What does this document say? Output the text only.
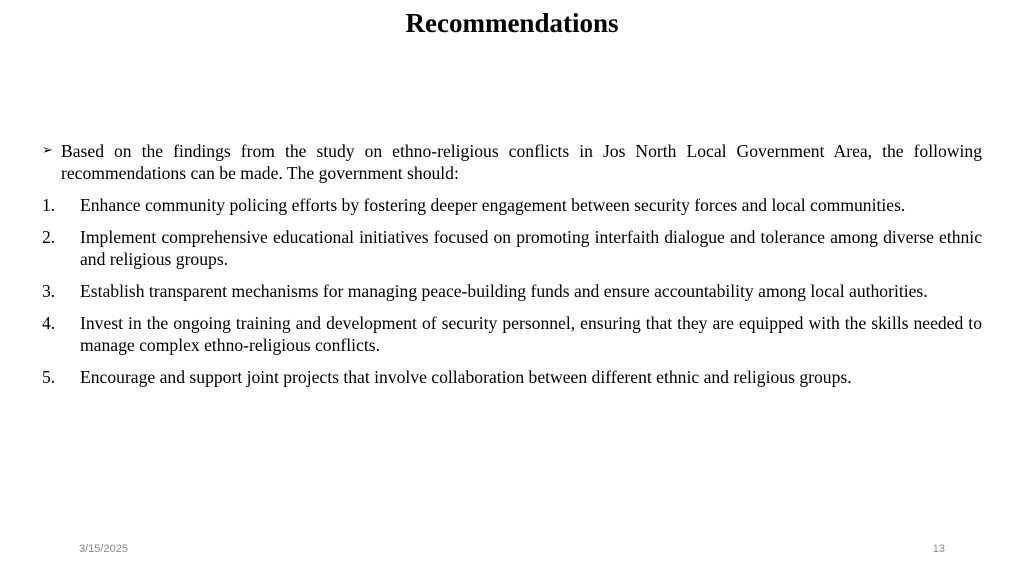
Recommendations
➢ Based on the findings from the study on ethno-religious conflicts in Jos North Local Government Area, the following recommendations can be made. The government should:
1.	Enhance community policing efforts by fostering deeper engagement between security forces and local communities.
2.	Implement comprehensive educational initiatives focused on promoting interfaith dialogue and tolerance among diverse ethnic and religious groups.
3.	Establish transparent mechanisms for managing peace-building funds and ensure accountability among local authorities.
4.	Invest in the ongoing training and development of security personnel, ensuring that they are equipped with the skills needed to manage complex ethno-religious conflicts.
5.	Encourage and support joint projects that involve collaboration between different ethnic and religious groups.
3/15/2025	13
